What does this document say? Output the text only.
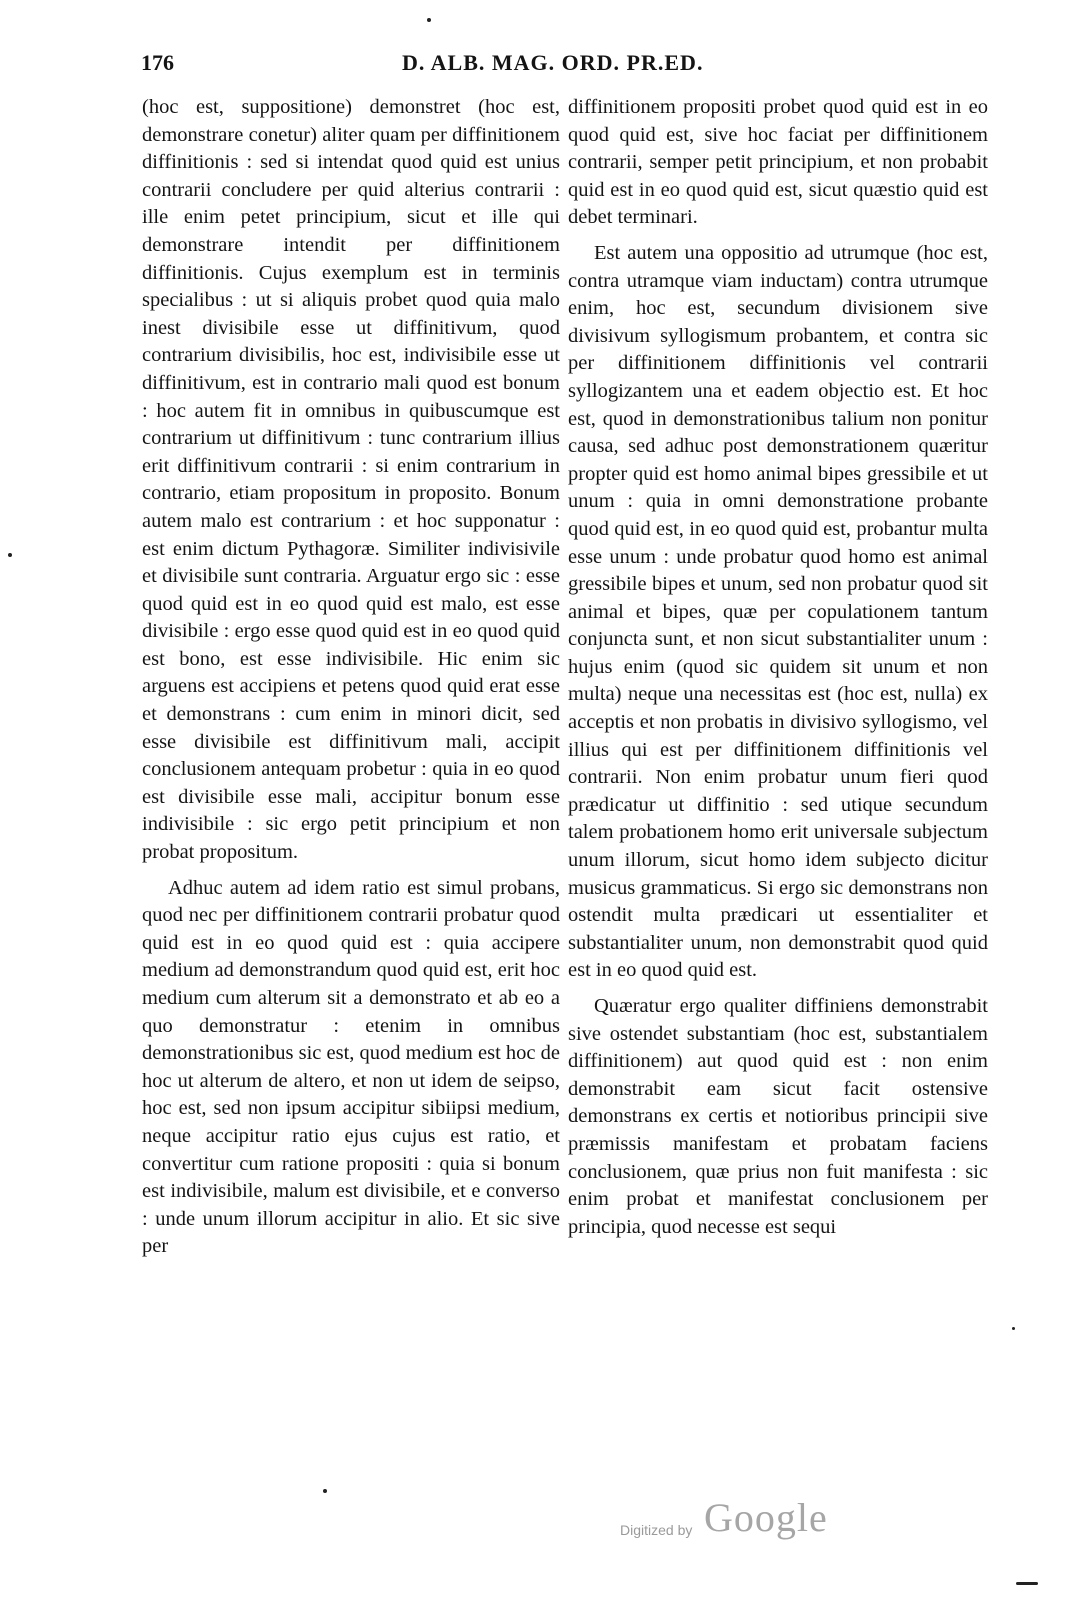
176	D. ALB. MAG. ORD. PR.ED.

(hoc est, suppositione) demonstret (hoc est, demonstrare conetur) aliter quam per diffinitionem diffinitionis : sed si intendat quod quid est unius contrarii concludere per quid alterius contrarii : ille enim petet principium, sicut et ille qui demonstrare intendit per diffinitionem diffinitionis. Cujus exemplum est in terminis specialibus : ut si aliquis probet quod quia malo inest divisibile esse ut diffinitivum, quod contrarium divisibilis, hoc est, indivisibile esse ut diffinitivum, est in contrario mali quod est bonum : hoc autem fit in omnibus in quibuscumque est contrarium ut diffinitivum : tunc contrarium illius erit diffinitivum contrarii : si enim contrarium in contrario, etiam propositum in proposito. Bonum autem malo est contrarium : et hoc supponatur : est enim dictum Pythagoræ. Similiter indivisivile et divisibile sunt contraria. Arguatur ergo sic : esse quod quid est in eo quod quid est malo, est esse divisibile : ergo esse quod quid est in eo quod quid est bono, est esse indivisibile. Hic enim sic arguens est accipiens et petens quod quid erat esse et demonstrans : cum enim in minori dicit, sed esse divisibile est diffinitivum mali, accipit conclusionem antequam probetur : quia in eo quod est divisibile esse mali, accipitur bonum esse indivisibile : sic ergo petit principium et non probat propositum.

Adhuc autem ad idem ratio est simul probans, quod nec per diffinitionem contrarii probatur quod quid est in eo quod quid est : quia accipere medium ad demonstrandum quod quid est, erit hoc medium cum alterum sit a demonstrato et ab eo a quo demonstratur : etenim in omnibus demonstrationibus sic est, quod medium est hoc de hoc ut alterum de altero, et non ut idem de seipso, hoc est, sed non ipsum accipitur sibiipsi medium, neque accipitur ratio ejus cujus est ratio, et convertitur cum ratione propositi : quia si bonum est indivisibile, malum est divisibile, et e converso : unde unum illorum accipitur in alio. Et sic sive per

diffinitionem propositi probet quod quid est in eo quod quid est, sive hoc faciat per diffinitionem contrarii, semper petit principium, et non probabit quid est in eo quod quid est, sicut quæstio quid est debet terminari.

Est autem una oppositio ad utrumque (hoc est, contra utramque viam inductam) contra utrumque enim, hoc est, secundum divisionem sive divisivum syllogismum probantem, et contra sic per diffinitionem diffinitionis vel contrarii syllogizantem una et eadem objectio est. Et hoc est, quod in demonstrationibus talium non ponitur causa, sed adhuc post demonstrationem quæritur propter quid est homo animal bipes gressibile et ut unum : quia in omni demonstratione probante quod quid est, in eo quod quid est, probantur multa esse unum : unde probatur quod homo est animal gressibile bipes et unum, sed non probatur quod sit animal et bipes, quæ per copulationem tantum conjuncta sunt, et non sicut substantialiter unum : hujus enim (quod sic quidem sit unum et non multa) neque una necessitas est (hoc est, nulla) ex acceptis et non probatis in divisivo syllogismo, vel illius qui est per diffinitionem diffinitionis vel contrarii. Non enim probatur unum fieri quod prædicatur ut diffinitio : sed utique secundum talem probationem homo erit universale subjectum unum illorum, sicut homo idem subjecto dicitur musicus grammaticus. Si ergo sic demonstrans non ostendit multa prædicari ut essentialiter et substantialiter unum, non demonstrabit quod quid est in eo quod quid est.

Quæratur ergo qualiter diffiniens demonstrabit sive ostendet substantiam (hoc est, substantialem diffinitionem) aut quod quid est : non enim demonstrabit eam sicut facit ostensive demonstrans ex certis et notioribus principii sive præmissis manifestam et probatam faciens conclusionem, quæ prius non fuit manifesta : sic enim probat et manifestat conclusionem per principia, quod necesse est sequi

Digitized by Google
